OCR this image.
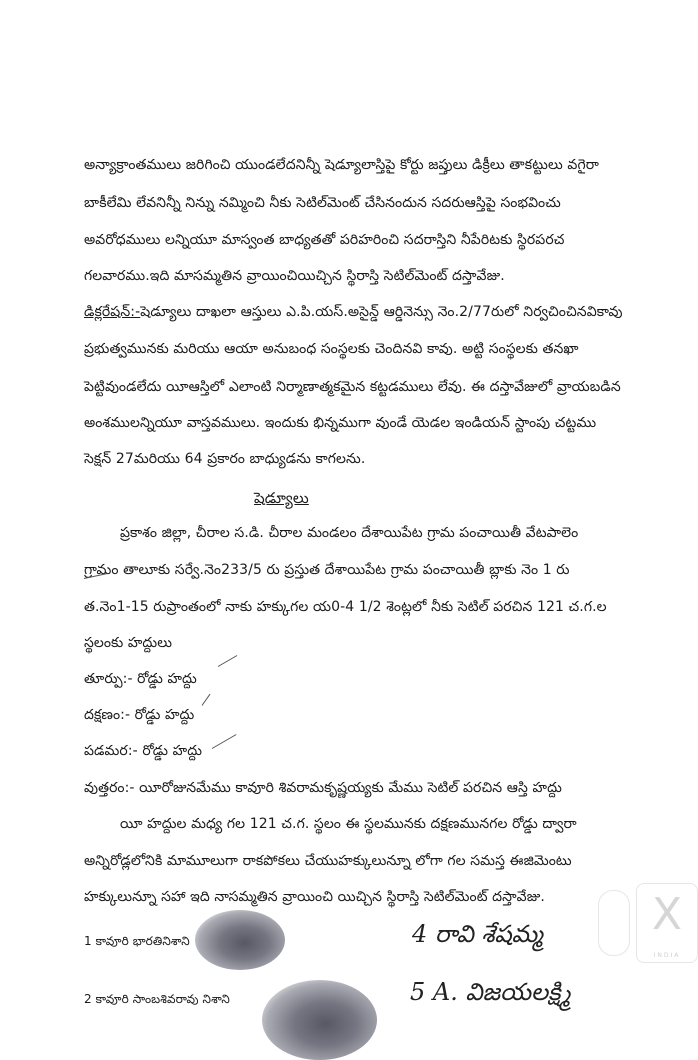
అన్యాక్రాంతములు జరిగించి యుండలేదనిన్నీ షెడ్యూలాస్తిపై కోర్టు జప్తులు డిక్రీలు తాకట్టులు వగైరా
బాకీలేమి లేవనిన్నీ నిన్ను నమ్మించి నీకు సెటిల్‌మెంట్ చేసినందున సదరుఆస్తిపై సంభవించు
అవరోధములు లన్నియూ మాస్వంత బాధ్యతతో పరిహరించి సదరాస్తిని నీపేరిటకు స్థిరపరచ
గలవారము.ఇది మాసమ్మతిన వ్రాయించియిచ్చిన స్థిరాస్తి సెటిల్‌మెంట్ దస్తావేజు.
డిక్లరేషన్:-షెడ్యూలు దాఖలా ఆస్తులు ఎ.పి.యస్.అసైన్డ్ ఆర్డినెన్సు నెం.2/77రులో నిర్వచించినవికావు
ప్రభుత్వమునకు మరియు ఆయా అనుబంధ సంస్థలకు చెందినవి కావు. అట్టి సంస్థలకు తనఖా
పెట్టివుండలేదు యీఆస్తిలో ఎలాంటి నిర్మాణాత్మకమైన కట్టడములు లేవు. ఈ దస్తావేజులో వ్రాయబడిన
అంశములన్నియూ వాస్తవములు. ఇందుకు భిన్నముగా వుండే యెడల ఇండియన్ స్టాంపు చట్టము
సెక్షన్ 27మరియు 64 ప్రకారం బాధ్యుడను కాగలను.
షెడ్యూలు
ప్రకాశం జిల్లా, చీరాల స.డి. చీరాల మండలం దేశాయిపేట గ్రామ పంచాయితీ వేటపాలెం
గ్రామం తాలూకు సర్వే.నెం233/5 రు ప్రస్తుత దేశాయిపేట గ్రామ పంచాయితీ బ్లాకు నెం 1 రు
త.నెం1-15 రుప్రాంతంలో నాకు హక్కుగల య0-4 1/2 శెంట్లలో నీకు సెటిల్ పరచిన 121 చ.గ.ల
స్థలంకు హద్దులు
తూర్పు:- రోడ్డు హద్దు
దక్షణం:- రోడ్డు హద్దు
పడమర:- రోడ్డు హద్దు
వుత్తరం:- యీరోజునమేము కావూరి శివరామకృష్ణయ్యకు మేము సెటిల్ పరచిన ఆస్తి హద్దు
యీ హద్దుల మధ్య గల 121 చ.గ. స్థలం ఈ స్థలమునకు దక్షణమునగల రోడ్డు ద్వారా
అన్నిరోడ్లలోనికి మామూలుగా రాకపోకలు చేయుహక్కులున్నూ లోగా గల సమస్త ఈజిమెంటు
హక్కులున్నూ సహా ఇది నాసమ్మతిన వ్రాయించి యిచ్చిన స్థిరాస్తి సెటిల్‌మెంట్ దస్తావేజు.
1 కావూరి భారతినిశాని
2 కావూరి సాంబశివరావు నిశాని
4 రావి శేషమ్మ
5 A. విజయలక్ష్మి
X
INDIA
